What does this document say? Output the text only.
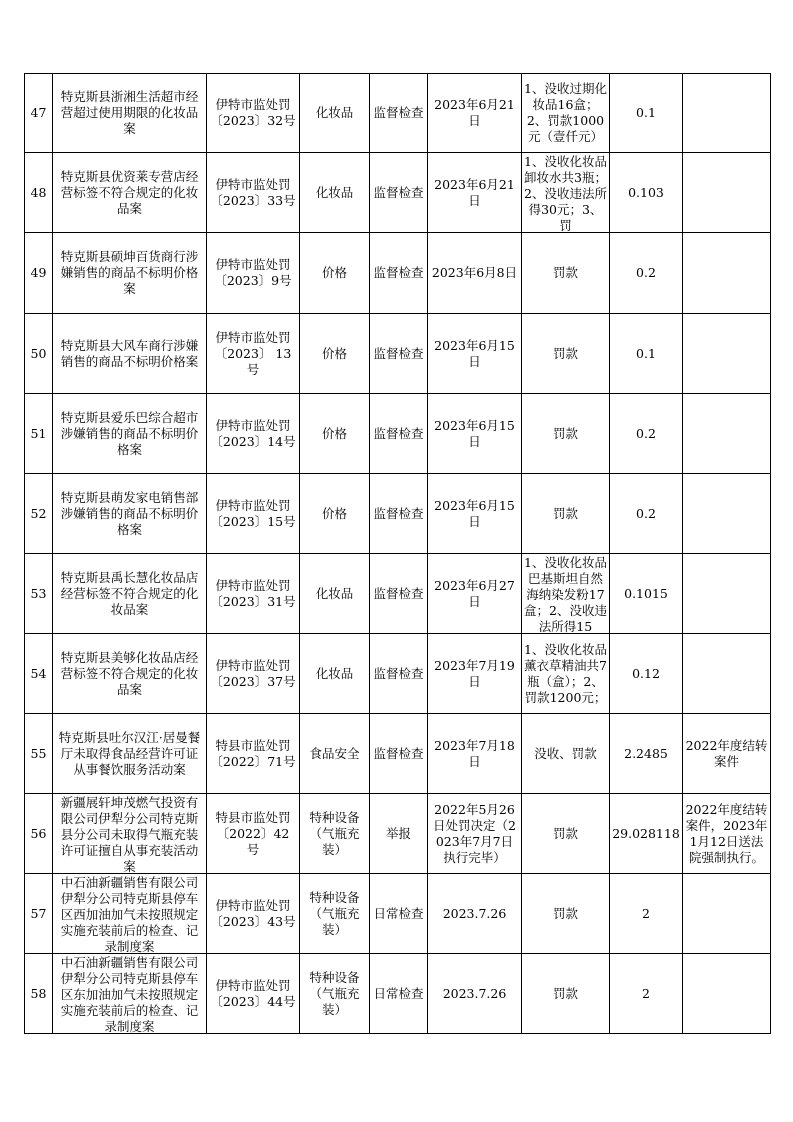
47	特克斯县浙湘生活超市经营超过使用期限的化妆品案	伊特市监处罚〔2023〕32号	化妆品	监督检查	2023年6月21日	1、没收过期化妆品16盒；2、罚款1000元（壹仟元）	0.1	

48	特克斯县优资莱专营店经营标签不符合规定的化妆品案	伊特市监处罚〔2023〕33号	化妆品	监督检查	2023年6月21日	1、没收化妆品卸妆水共3瓶；2、没收违法所得30元；3、罚	0.103	

49	特克斯县硕坤百货商行涉嫌销售的商品不标明价格案	伊特市监处罚〔2023〕9号	价格	监督检查	2023年6月8日	罚款	0.2	

50	特克斯县大风车商行涉嫌销售的商品不标明价格案	伊特市监处罚〔2023〕 13号	价格	监督检查	2023年6月15日	罚款	0.1	

51	特克斯县爱乐巴综合超市涉嫌销售的商品不标明价格案	伊特市监处罚〔2023〕14号	价格	监督检查	2023年6月15日	罚款	0.2	

52	特克斯县萌发家电销售部涉嫌销售的商品不标明价格案	伊特市监处罚〔2023〕15号	价格	监督检查	2023年6月15日	罚款	0.2	

53	特克斯县禹长慧化妆品店经营标签不符合规定的化妆品案	伊特市监处罚〔2023〕31号	化妆品	监督检查	2023年6月27日	1、没收化妆品巴基斯坦自然海纳染发粉17盒；2、没收违法所得15	0.1015	

54	特克斯县美够化妆品店经营标签不符合规定的化妆品案	伊特市监处罚〔2023〕37号	化妆品	监督检查	2023年7月19日	1、没收化妆品薰衣草精油共7瓶（盒）；2、罚款1200元；	0.12	

55	特克斯县吐尔汉江·居曼餐厅未取得食品经营许可证从事餐饮服务活动案	特县市监处罚〔2022〕71号	食品安全	监督检查	2023年7月18日	没收、罚款	2.2485	2022年度结转案件

56	新疆展轩坤茂燃气投资有限公司伊犁分公司特克斯县分公司未取得气瓶充装许可证擅自从事充装活动案	特县市监处罚〔2022〕42 号	特种设备（气瓶充装）	举报	2022年5月26日处罚决定（2023年7月7日执行完毕）	罚款	29.028118	2022年度结转案件，2023年1月12日送法院强制执行。

57	中石油新疆销售有限公司伊犁分公司特克斯县停车区西加油加气未按照规定实施充装前后的检查、记录制度案	伊特市监处罚〔2023〕43号	特种设备（气瓶充装）	日常检查	2023.7.26	罚款	2	

58	中石油新疆销售有限公司伊犁分公司特克斯县停车区东加油加气未按照规定实施充装前后的检查、记录制度案	伊特市监处罚〔2023〕44号	特种设备（气瓶充装）	日常检查	2023.7.26	罚款	2	
